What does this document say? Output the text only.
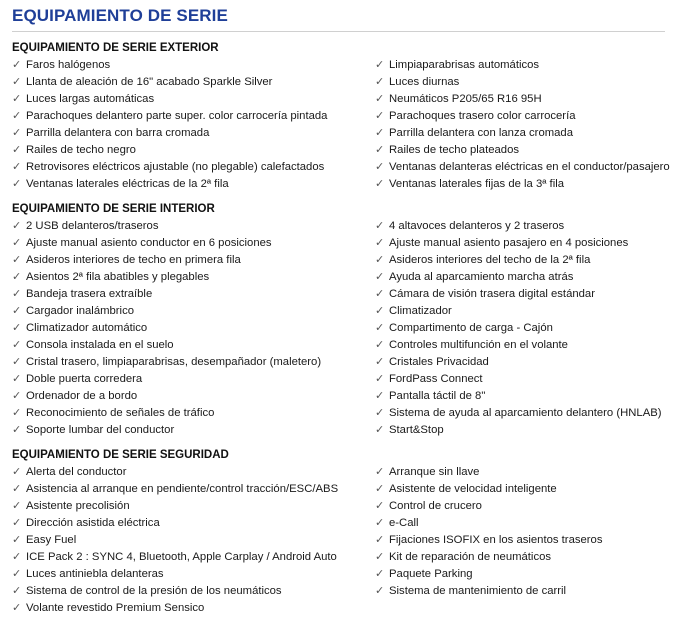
EQUIPAMIENTO DE SERIE
EQUIPAMIENTO DE SERIE EXTERIOR
✓ Faros halógenos
✓ Llanta de aleación de 16" acabado Sparkle Silver
✓ Luces largas automáticas
✓ Parachoques delantero parte super. color carrocería pintada
✓ Parrilla delantera con barra cromada
✓ Railes de techo negro
✓ Retrovisores eléctricos ajustable (no plegable) calefactados
✓ Ventanas laterales eléctricas de la 2ª fila
✓ Limpiaparabrisas automáticos
✓ Luces diurnas
✓ Neumáticos P205/65 R16 95H
✓ Parachoques trasero color carrocería
✓ Parrilla delantera con lanza cromada
✓ Railes de techo plateados
✓ Ventanas delanteras eléctricas en el conductor/pasajero
✓ Ventanas laterales fijas de la 3ª fila
EQUIPAMIENTO DE SERIE INTERIOR
✓ 2 USB delanteros/traseros
✓ Ajuste manual asiento conductor en 6 posiciones
✓ Asideros interiores de techo en primera fila
✓ Asientos 2ª fila abatibles y plegables
✓ Bandeja trasera extraíble
✓ Cargador inalámbrico
✓ Climatizador automático
✓ Consola instalada en el suelo
✓ Cristal trasero, limpiaparabrisas, desempañador (maletero)
✓ Doble puerta corredera
✓ Ordenador de a bordo
✓ Reconocimiento de señales de tráfico
✓ Soporte lumbar del conductor
✓ 4 altavoces delanteros y 2 traseros
✓ Ajuste manual asiento pasajero en 4 posiciones
✓ Asideros interiores del techo de la 2ª fila
✓ Ayuda al aparcamiento marcha atrás
✓ Cámara de visión trasera digital estándar
✓ Climatizador
✓ Compartimento de carga - Cajón
✓ Controles multifunción en el volante
✓ Cristales Privacidad
✓ FordPass Connect
✓ Pantalla táctil de 8"
✓ Sistema de ayuda al aparcamiento delantero (HNLAB)
✓ Start&Stop
EQUIPAMIENTO DE SERIE SEGURIDAD
✓ Alerta del conductor
✓ Asistencia al arranque en pendiente/control tracción/ESC/ABS
✓ Asistente precolisión
✓ Dirección asistida eléctrica
✓ Easy Fuel
✓ ICE Pack 2 : SYNC 4, Bluetooth, Apple Carplay / Android Auto
✓ Luces antiniebla delanteras
✓ Sistema de control de la presión de los neumáticos
✓ Volante revestido Premium Sensico
✓ Arranque sin llave
✓ Asistente de velocidad inteligente
✓ Control de crucero
✓ e-Call
✓ Fijaciones ISOFIX en los asientos traseros
✓ Kit de reparación de neumáticos
✓ Paquete Parking
✓ Sistema de mantenimiento de carril
